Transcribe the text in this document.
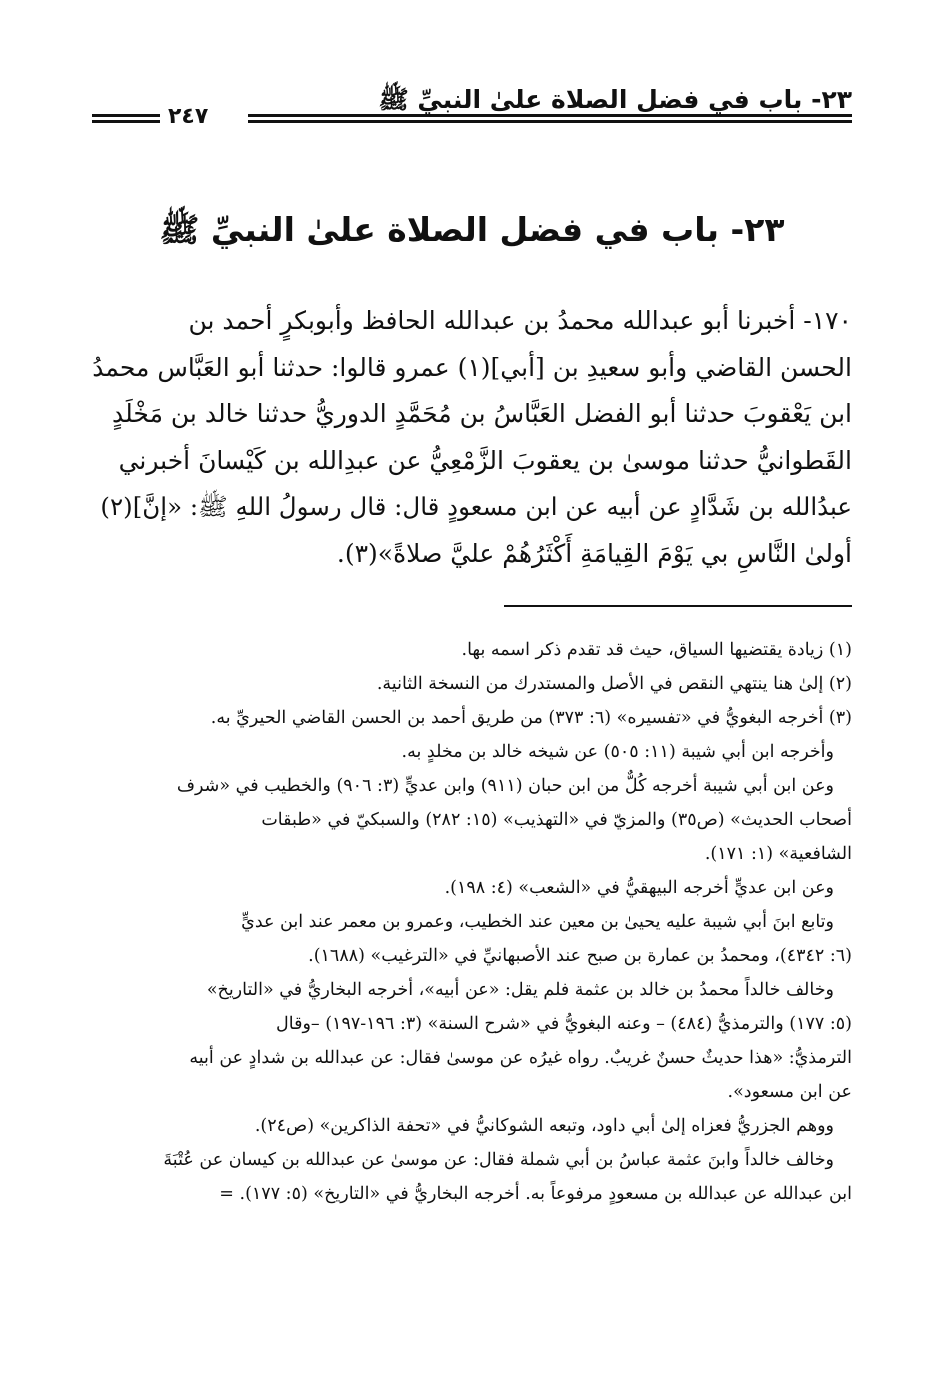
٢٣- باب في فضل الصلاة علىٰ النبيِّ ﷺ
٢٤٧
٢٣- باب في فضل الصلاة علىٰ النبيِّ ﷺ
١٧٠- أخبرنا أبو عبدالله محمدُ بن عبدالله الحافظ وأبوبكرٍ أحمد بن
الحسن القاضي وأبو سعيدِ بن [أبي](١) عمرو قالوا: حدثنا أبو العَبَّاس محمدُ
ابن يَعْقوبَ حدثنا أبو الفضل العَبَّاسُ بن مُحَمَّدٍ الدوريُّ حدثنا خالد بن مَخْلَدٍ
القَطوانيُّ حدثنا موسىٰ بن يعقوبَ الزَّمْعِيُّ عن عبدِالله بن كَيْسانَ أخبرني
عبدُالله بن شَدَّادٍ عن أبيه عن ابن مسعودٍ قال: قال رسولُ اللهِ ﷺ: «إنَّ](٢)
أولىٰ النَّاسِ بي يَوْمَ القِيامَةِ أَكْثَرُهُمْ عليَّ صلاةً»(٣).
(١) زيادة يقتضيها السياق، حيث قد تقدم ذكر اسمه بها.
(٢) إلىٰ هنا ينتهي النقص في الأصل والمستدرك من النسخة الثانية.
(٣) أخرجه البغويُّ في «تفسيره» (٦: ٣٧٣) من طريق أحمد بن الحسن القاضي الحيريِّ به.
وأخرجه ابن أبي شيبة (١١: ٥٠٥) عن شيخه خالد بن مخلدٍ به.
وعن ابن أبي شيبة أخرجه كُلٌّ من ابن حبان (٩١١) وابن عديٍّ (٣: ٩٠٦) والخطيب في «شرف
أصحاب الحديث» (ص٣٥) والمزيّ في «التهذيب» (١٥: ٢٨٢) والسبكيّ في «طبقات
الشافعية» (١: ١٧١).
وعن ابن عديٍّ أخرجه البيهقيُّ في «الشعب» (٤: ١٩٨).
وتابع ابنَ أبي شيبة عليه يحيىٰ بن معين عند الخطيب، وعمرو بن معمر عند ابن عديٍّ
(٦: ٤٣٤٢)، ومحمدُ بن عمارة بن صبح عند الأصبهانيِّ في «الترغيب» (١٦٨٨).
وخالف خالداً محمدُ بن خالد بن عثمة فلم يقل: «عن أبيه»، أخرجه البخاريُّ في «التاريخ»
(٥: ١٧٧) والترمذيُّ (٤٨٤) – وعنه البغويُّ في «شرح السنة» (٣: ١٩٦-١٩٧) –وقال
الترمذيُّ: «هذا حديثٌ حسنٌ غريبٌ. رواه غيرُه عن موسىٰ فقال: عن عبدالله بن شدادٍ عن أبيه
عن ابن مسعود».
ووهم الجزريُّ فعزاه إلىٰ أبي داود، وتبعه الشوكانيُّ في «تحفة الذاكرين» (ص٢٤).
وخالف خالداً وابنَ عثمة عباسُ بن أبي شملة فقال: عن موسىٰ عن عبدالله بن كيسان عن عُتْبَةَ
ابن عبدالله عن عبدالله بن مسعودٍ مرفوعاً به. أخرجه البخاريُّ في «التاريخ» (٥: ١٧٧). =
